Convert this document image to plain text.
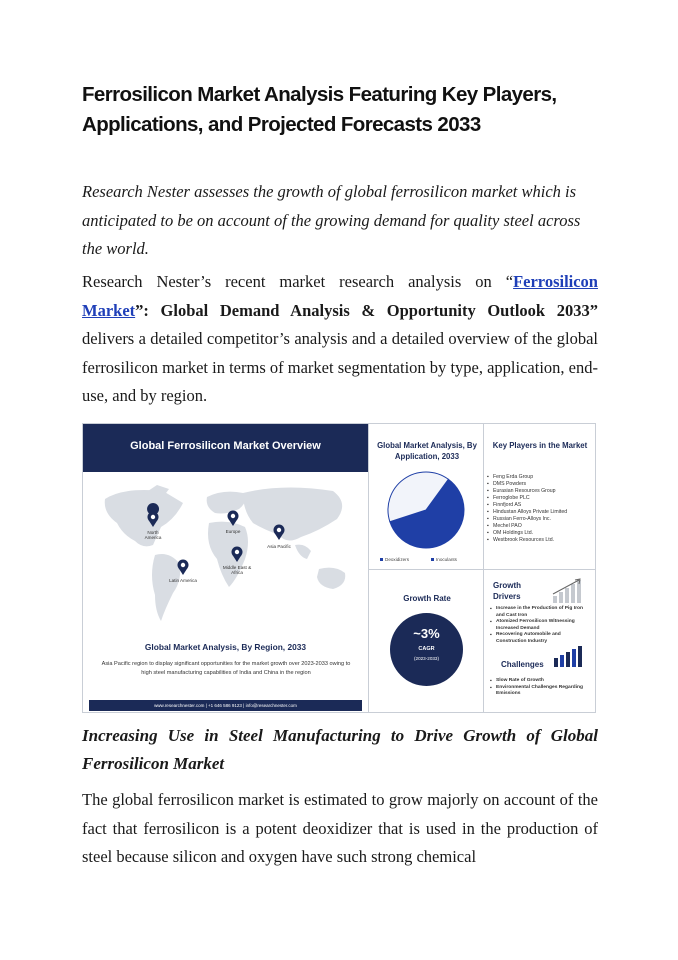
Ferrosilicon Market Analysis Featuring Key Players, Applications, and Projected Forecasts 2033

Research Nester assesses the growth of global ferrosilicon market which is anticipated to be on account of the growing demand for quality steel across the world.

Research Nester’s recent market research analysis on “Ferrosilicon Market”: Global Demand Analysis & Opportunity Outlook 2033” delivers a detailed competitor’s analysis and a detailed overview of the global ferrosilicon market in terms of market segmentation by type, application, end-use, and by region.

Global Ferrosilicon Market Overview
North America
Europe
Asia Pacific
Middle East & Africa
Latin America
Global Market Analysis, By Region, 2033
Asia Pacific region to display significant opportunities for the market growth over 2023-2033 owing to high steel manufacturing capabilities of India and China in the region
www.researchnester.com | +1 646 586 9123 | info@researchnester.com
Global Market Analysis, By Application, 2033
Deoxidizers	Inoculants
Key Players in the Market
▪ Feng Erda Group
▪ DMS Powders
▪ Eurasian Resources Group
▪ Ferroglobe PLC
▪ Finnfjord AS
▪ Hindustan Alloys Private Limited
▪ Russian Ferro-Alloys Inc.
▪ Mechel PAO
▪ OM Holdings Ltd.
▪ Westbrook Resources Ltd.
Growth Rate
~3%
CAGR
(2023-2033)
Growth Drivers
▪ Increase in the Production of Pig Iron and Cast Iron
▪ Atomized Ferrosilicon Witnessing Increased Demand
▪ Recovering Automobile and Construction Industry
Challenges
▪ Slow Rate of Growth
▪ Environmental Challenges Regarding Emissions
Increasing Use in Steel Manufacturing to Drive Growth of Global Ferrosilicon Market

The global ferrosilicon market is estimated to grow majorly on account of the fact that ferrosilicon is a potent deoxidizer that is used in the production of steel because silicon and oxygen have such strong chemical
